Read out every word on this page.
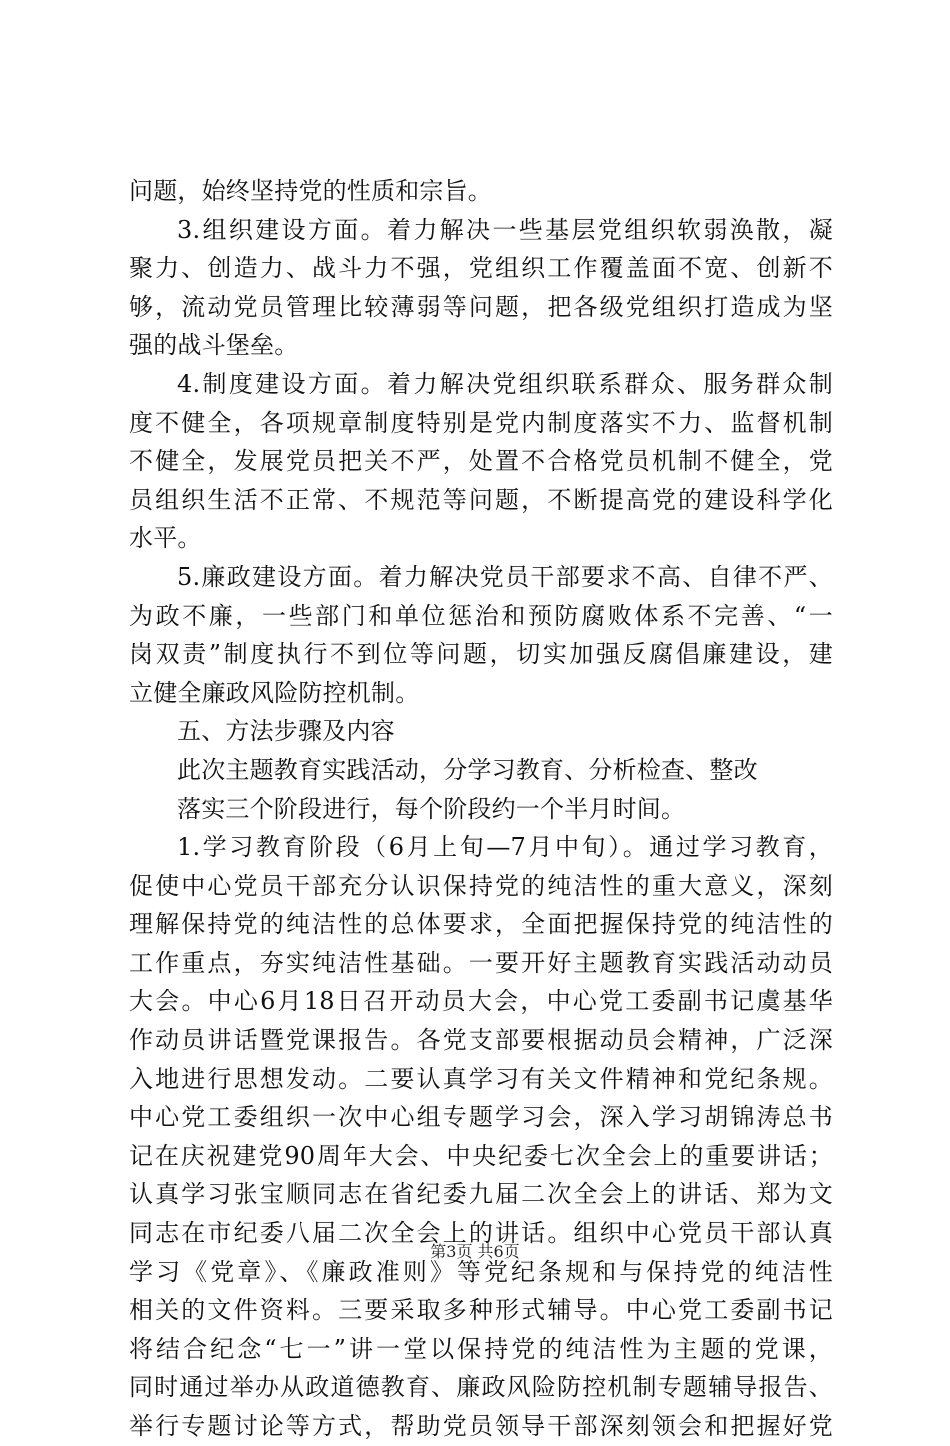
问题，始终坚持党的性质和宗旨。
3.组织建设方面。着力解决一些基层党组织软弱涣散，凝
聚力、创造力、战斗力不强，党组织工作覆盖面不宽、创新不
够，流动党员管理比较薄弱等问题，把各级党组织打造成为坚
强的战斗堡垒。
4.制度建设方面。着力解决党组织联系群众、服务群众制
度不健全，各项规章制度特别是党内制度落实不力、监督机制
不健全，发展党员把关不严，处置不合格党员机制不健全，党
员组织生活不正常、不规范等问题，不断提高党的建设科学化
水平。
5.廉政建设方面。着力解决党员干部要求不高、自律不严、
为政不廉，一些部门和单位惩治和预防腐败体系不完善、“一
岗双责”制度执行不到位等问题，切实加强反腐倡廉建设，建
立健全廉政风险防控机制。
五、方法步骤及内容
此次主题教育实践活动，分学习教育、分析检查、整改
落实三个阶段进行，每个阶段约一个半月时间。
1.学习教育阶段（6月上旬—7月中旬）。通过学习教育，
促使中心党员干部充分认识保持党的纯洁性的重大意义，深刻
理解保持党的纯洁性的总体要求，全面把握保持党的纯洁性的
工作重点，夯实纯洁性基础。一要开好主题教育实践活动动员
大会。中心6月18日召开动员大会，中心党工委副书记虞基华
作动员讲话暨党课报告。各党支部要根据动员会精神，广泛深
入地进行思想发动。二要认真学习有关文件精神和党纪条规。
中心党工委组织一次中心组专题学习会，深入学习胡锦涛总书
记在庆祝建党90周年大会、中央纪委七次全会上的重要讲话；
认真学习张宝顺同志在省纪委九届二次全会上的讲话、郑为文
同志在市纪委八届二次全会上的讲话。组织中心党员干部认真
学习《党章》、《廉政准则》等党纪条规和与保持党的纯洁性
相关的文件资料。三要采取多种形式辅导。中心党工委副书记
将结合纪念“七一”讲一堂以保持党的纯洁性为主题的党课，
同时通过举办从政道德教育、廉政风险防控机制专题辅导报告、
举行专题讨论等方式，帮助党员领导干部深刻领会和把握好党
第3页 共6页
